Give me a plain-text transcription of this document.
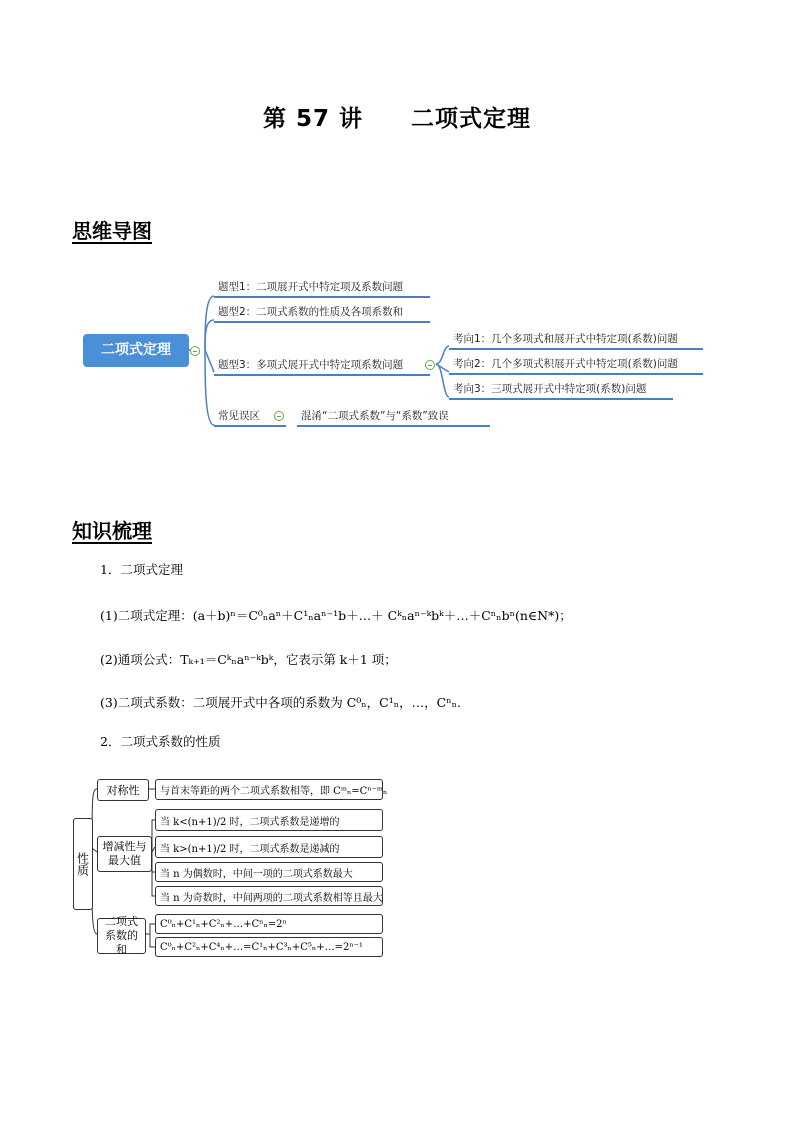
第 57 讲　　二项式定理
思维导图
二项式定理
题型1：二项展开式中特定项及系数问题
题型2：二项式系数的性质及各项系数和
题型3：多项式展开式中特定项系数问题
常见误区	混淆“二项式系数”与“系数”致误
考向1：几个多项式和展开式中特定项(系数)问题
考向2：几个多项式积展开式中特定项(系数)问题
考向3：三项式展开式中特定项(系数)问题
知识梳理
1．二项式定理
(1)二项式定理：(a＋b)ⁿ＝C⁰ₙaⁿ＋C¹ₙaⁿ⁻¹b＋…＋ Cᵏₙaⁿ⁻ᵏbᵏ＋…＋Cⁿₙbⁿ(n∈N*)；
(2)通项公式：Tₖ₊₁＝Cᵏₙaⁿ⁻ᵏbᵏ，它表示第 k＋1 项；
(3)二项式系数：二项展开式中各项的系数为 C⁰ₙ，C¹ₙ，…，Cⁿₙ.
2．二项式系数的性质
性质
对称性
增减性与最大值
二项式系数的和
与首末等距的两个二项式系数相等，即 Cᵐₙ=Cⁿ⁻ᵐₙ
当 k<(n+1)/2 时，二项式系数是递增的
当 k>(n+1)/2 时，二项式系数是递减的
当 n 为偶数时，中间一项的二项式系数最大
当 n 为奇数时，中间两项的二项式系数相等且最大
C⁰ₙ+C¹ₙ+C²ₙ+…+Cⁿₙ=2ⁿ
C⁰ₙ+C²ₙ+C⁴ₙ+…=C¹ₙ+C³ₙ+C⁵ₙ+…=2ⁿ⁻¹
